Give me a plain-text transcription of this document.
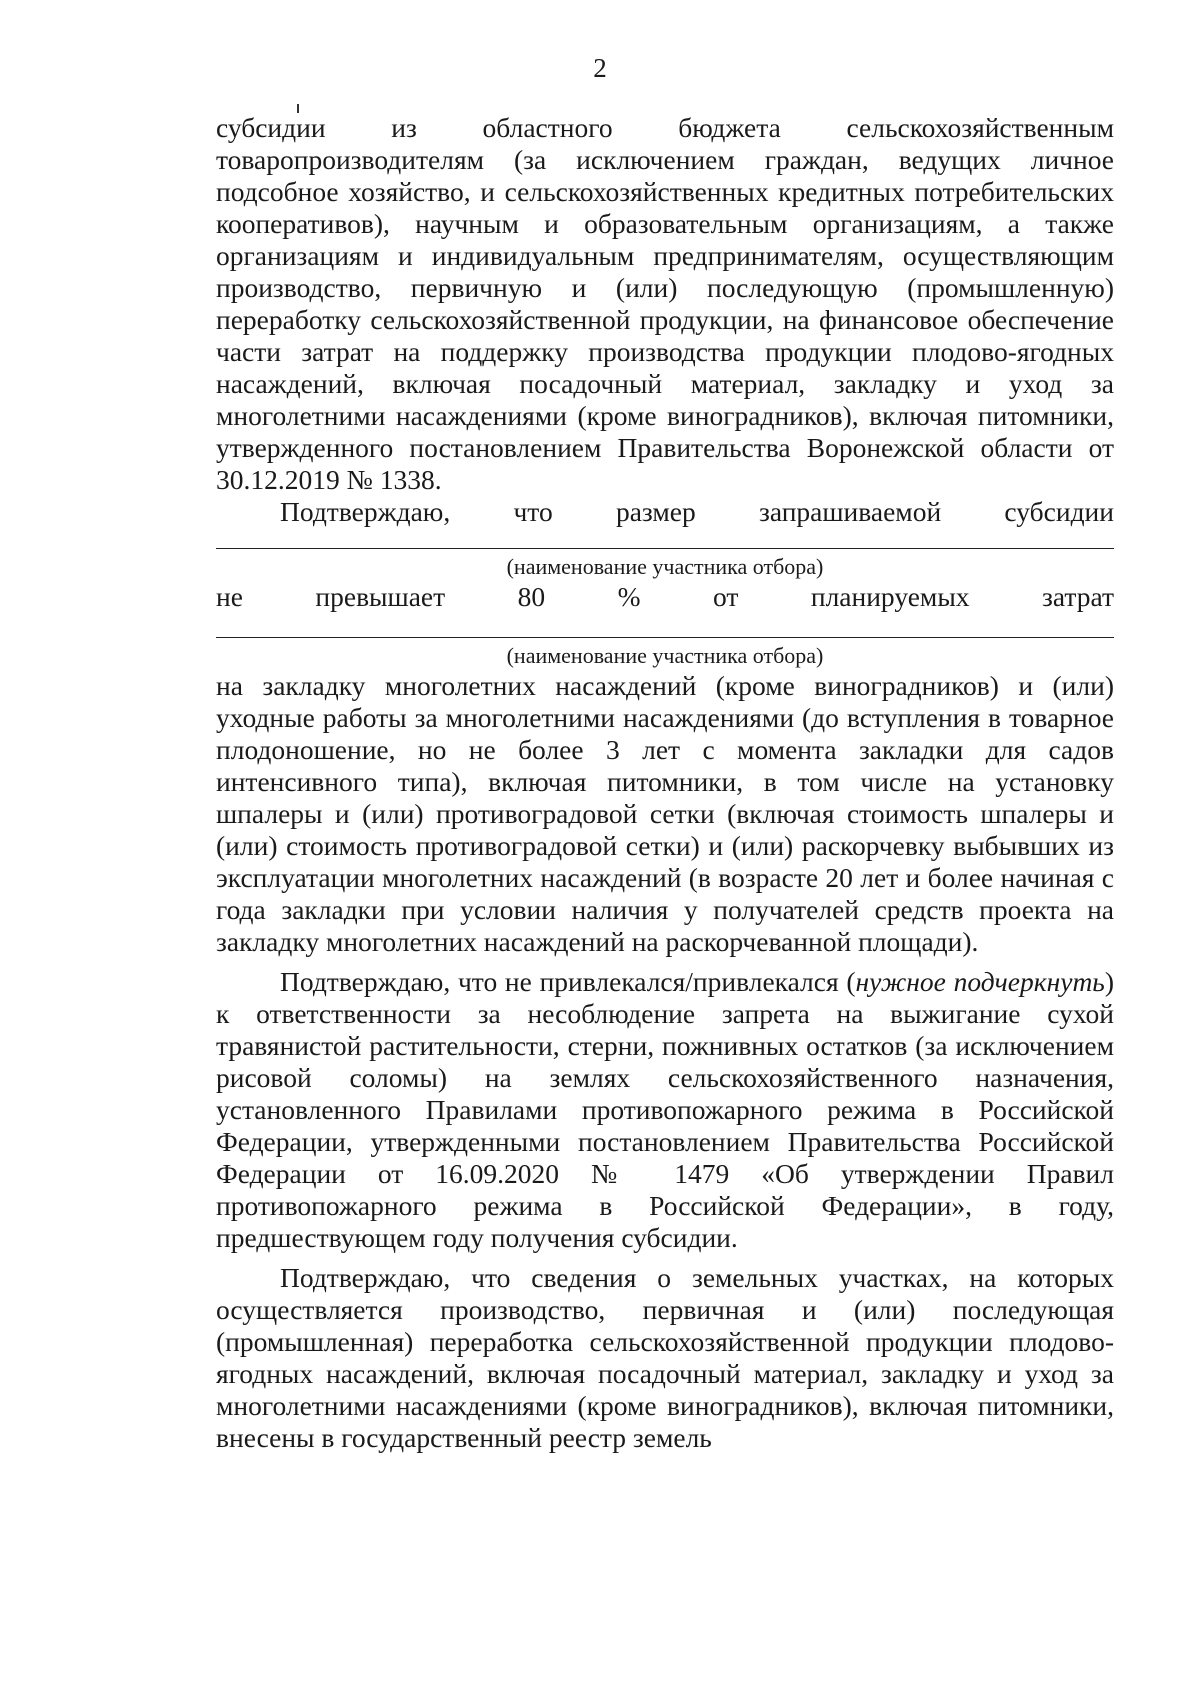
2

субсидии из областного бюджета сельскохозяйственным товаропроизводителям (за исключением граждан, ведущих личное подсобное хозяйство, и сельскохозяйственных кредитных потребительских кооперативов), научным и образовательным организациям, а также организациям и индивидуальным предпринимателям, осуществляющим производство, первичную и (или) последующую (промышленную) переработку сельскохозяйственной продукции, на финансовое обеспечение части затрат на поддержку производства продукции плодово-ягодных насаждений, включая посадочный материал, закладку и уход за многолетними насаждениями (кроме виноградников), включая питомники, утвержденного постановлением Правительства Воронежской области от 30.12.2019 № 1338.

Подтверждаю, что размер запрашиваемой субсидии

(наименование участника отбора)

не превышает 80 % от планируемых затрат

(наименование участника отбора)

на закладку многолетних насаждений (кроме виноградников) и (или) уходные работы за многолетними насаждениями (до вступления в товарное плодоношение, но не более 3 лет с момента закладки для садов интенсивного типа), включая питомники, в том числе на установку шпалеры и (или) противоградовой сетки (включая стоимость шпалеры и (или) стоимость противоградовой сетки) и (или) раскорчевку выбывших из эксплуатации многолетних насаждений (в возрасте 20 лет и более начиная с года закладки при условии наличия у получателей средств проекта на закладку многолетних насаждений на раскорчеванной площади).

Подтверждаю, что не привлекался/привлекался (нужное подчеркнуть) к ответственности за несоблюдение запрета на выжигание сухой травянистой растительности, стерни, пожнивных остатков (за исключением рисовой соломы) на землях сельскохозяйственного назначения, установленного Правилами противопожарного режима в Российской Федерации, утвержденными постановлением Правительства Российской Федерации от 16.09.2020 № 1479 «Об утверждении Правил противопожарного режима в Российской Федерации», в году, предшествующем году получения субсидии.

Подтверждаю, что сведения о земельных участках, на которых осуществляется производство, первичная и (или) последующая (промышленная) переработка сельскохозяйственной продукции плодово-ягодных насаждений, включая посадочный материал, закладку и уход за многолетними насаждениями (кроме виноградников), включая питомники, внесены в государственный реестр земель
